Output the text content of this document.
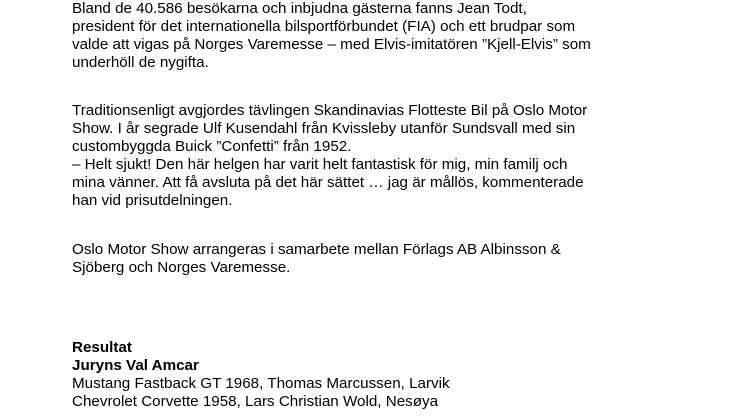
Bland de 40.586 besökarna och inbjudna gästerna fanns Jean Todt,
president för det internationella bilsportförbundet (FIA) och ett brudpar som
valde att vigas på Norges Varemesse – med Elvis-imitatören ”Kjell-Elvis” som
underhöll de nygifta.

Traditionsenligt avgjordes tävlingen Skandinavias Flotteste Bil på Oslo Motor
Show. I år segrade Ulf Kusendahl från Kvissleby utanför Sundsvall med sin
custombyggda Buick ”Confetti” från 1952.
– Helt sjukt! Den här helgen har varit helt fantastisk för mig, min familj och
mina vänner. Att få avsluta på det här sättet … jag är mållös, kommenterade
han vid prisutdelningen.

Oslo Motor Show arrangeras i samarbete mellan Förlags AB Albinsson &
Sjöberg och Norges Varemesse.

Resultat
Juryns Val Amcar
Mustang Fastback GT 1968, Thomas Marcussen, Larvik
Chevrolet Corvette 1958, Lars Christian Wold, Nesøya
